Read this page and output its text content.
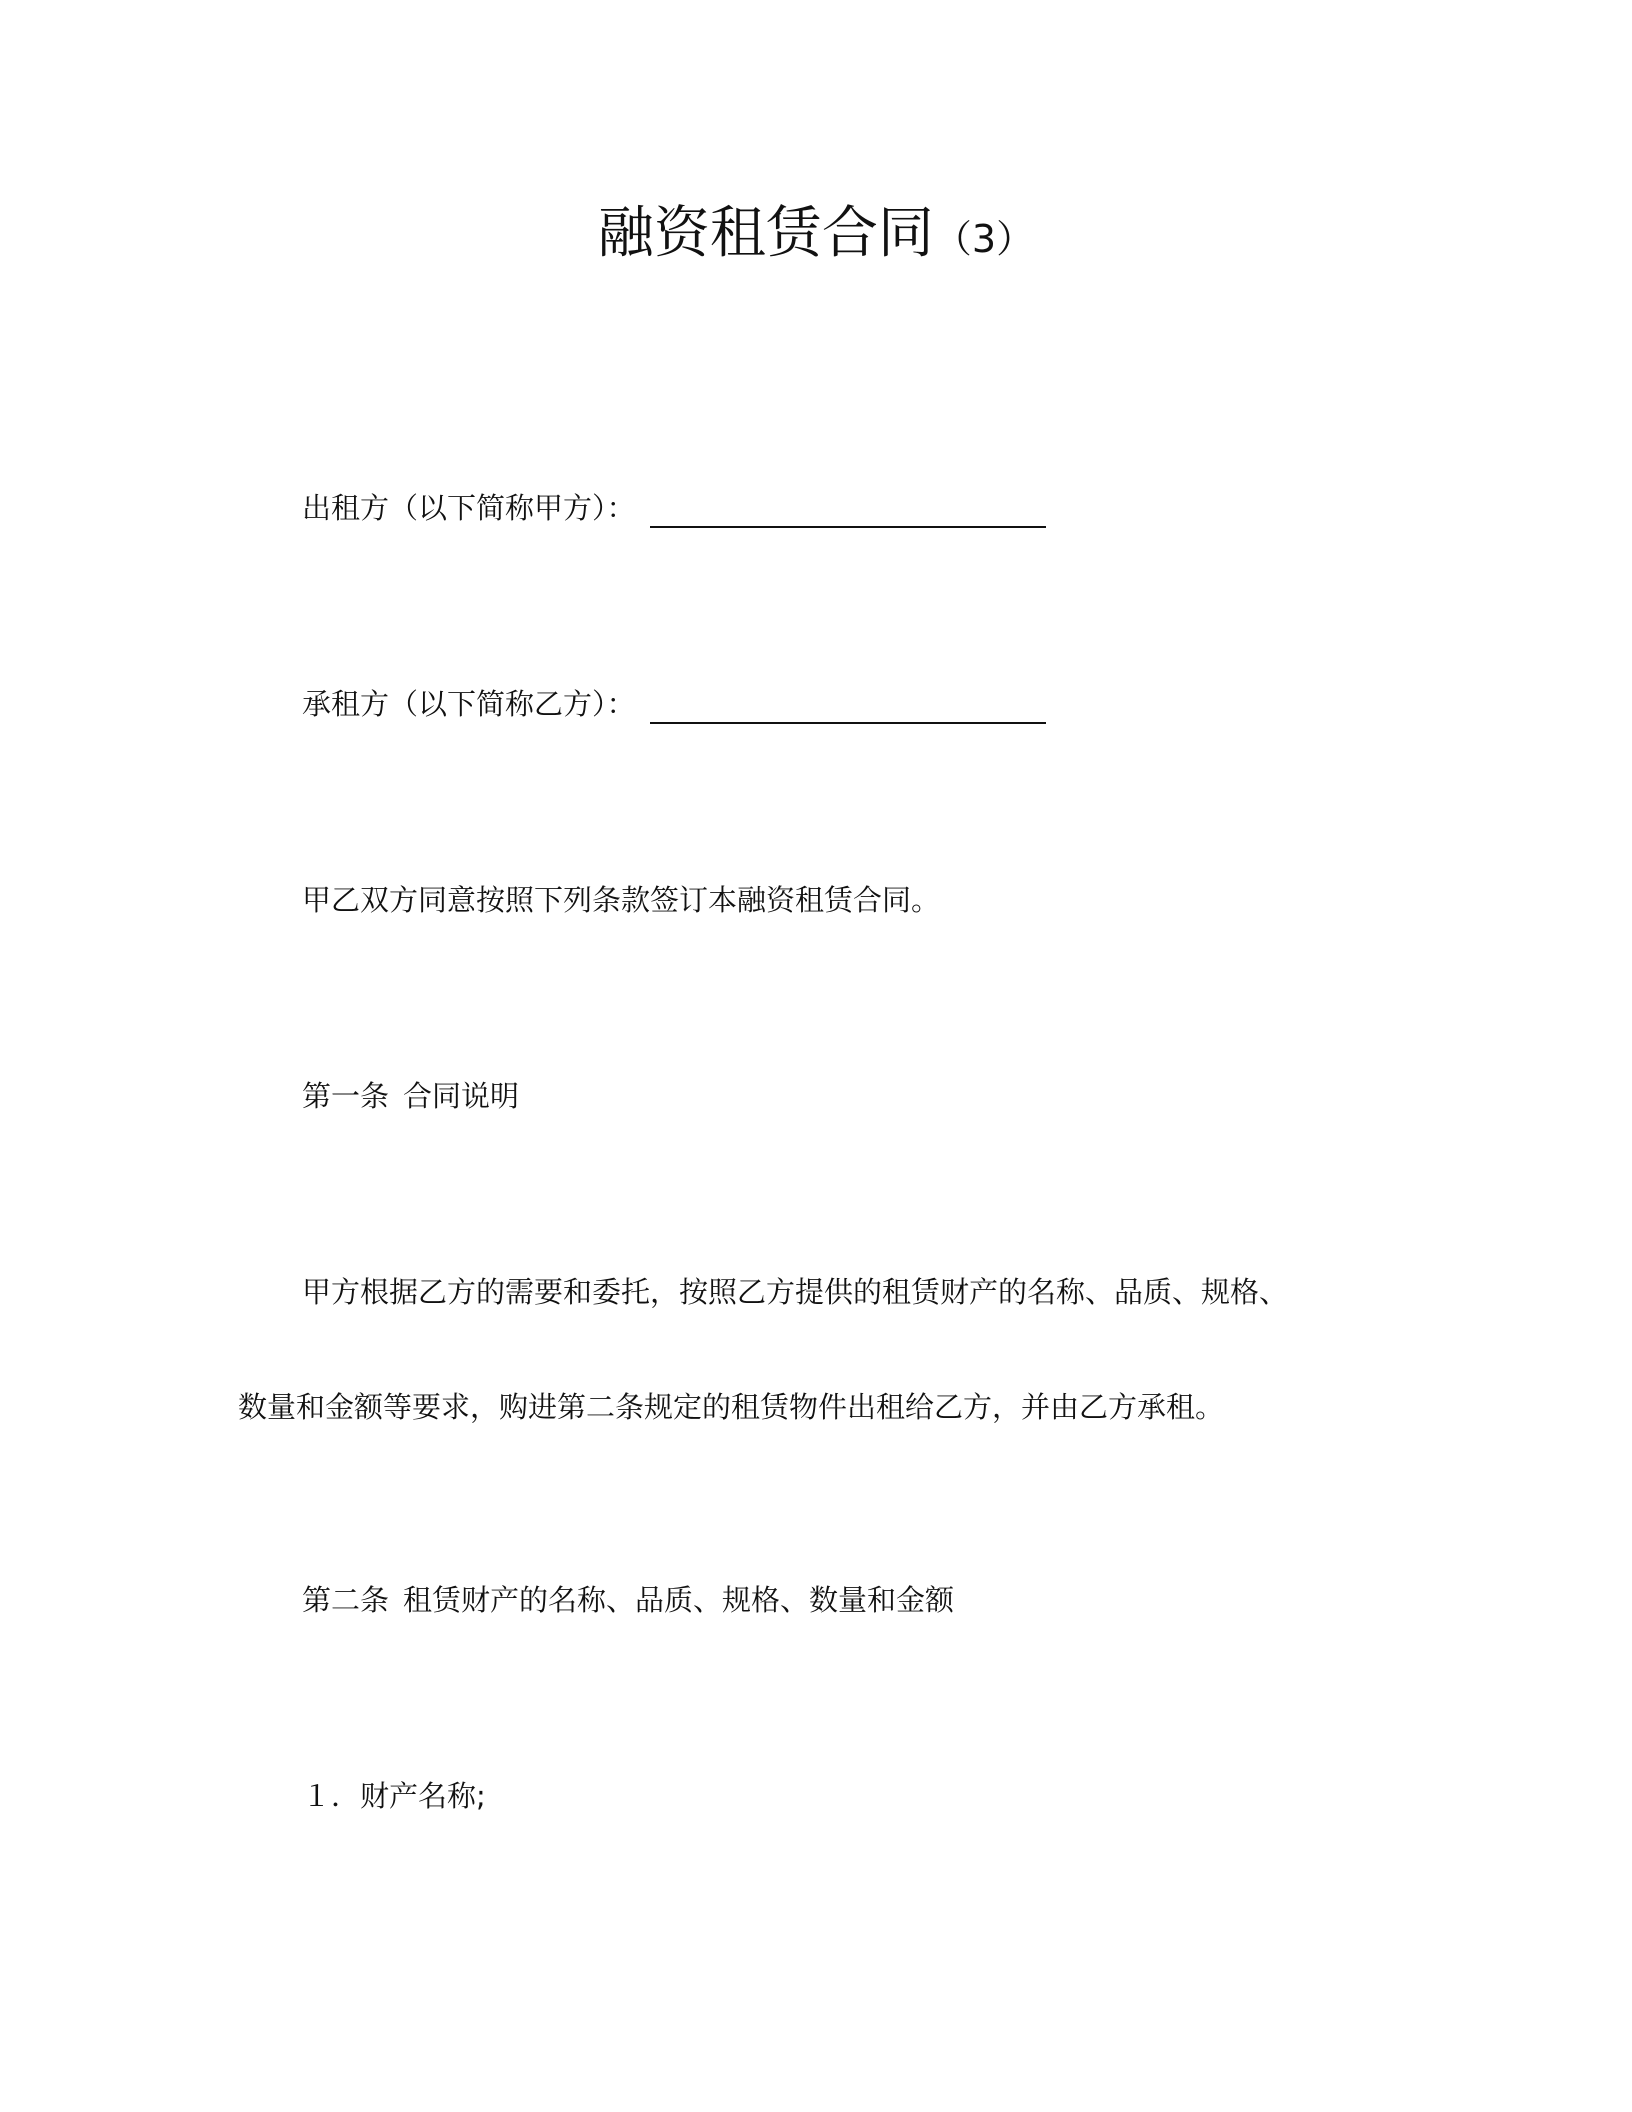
融资租赁合同（3）
出租方（以下简称甲方）：
承租方（以下简称乙方）：
甲乙双方同意按照下列条款签订本融资租赁合同。
第一条 合同说明
甲方根据乙方的需要和委托，按照乙方提供的租赁财产的名称、品质、规格、
数量和金额等要求，购进第二条规定的租赁物件出租给乙方，并由乙方承租。
第二条 租赁财产的名称、品质、规格、数量和金额
１．财产名称;
